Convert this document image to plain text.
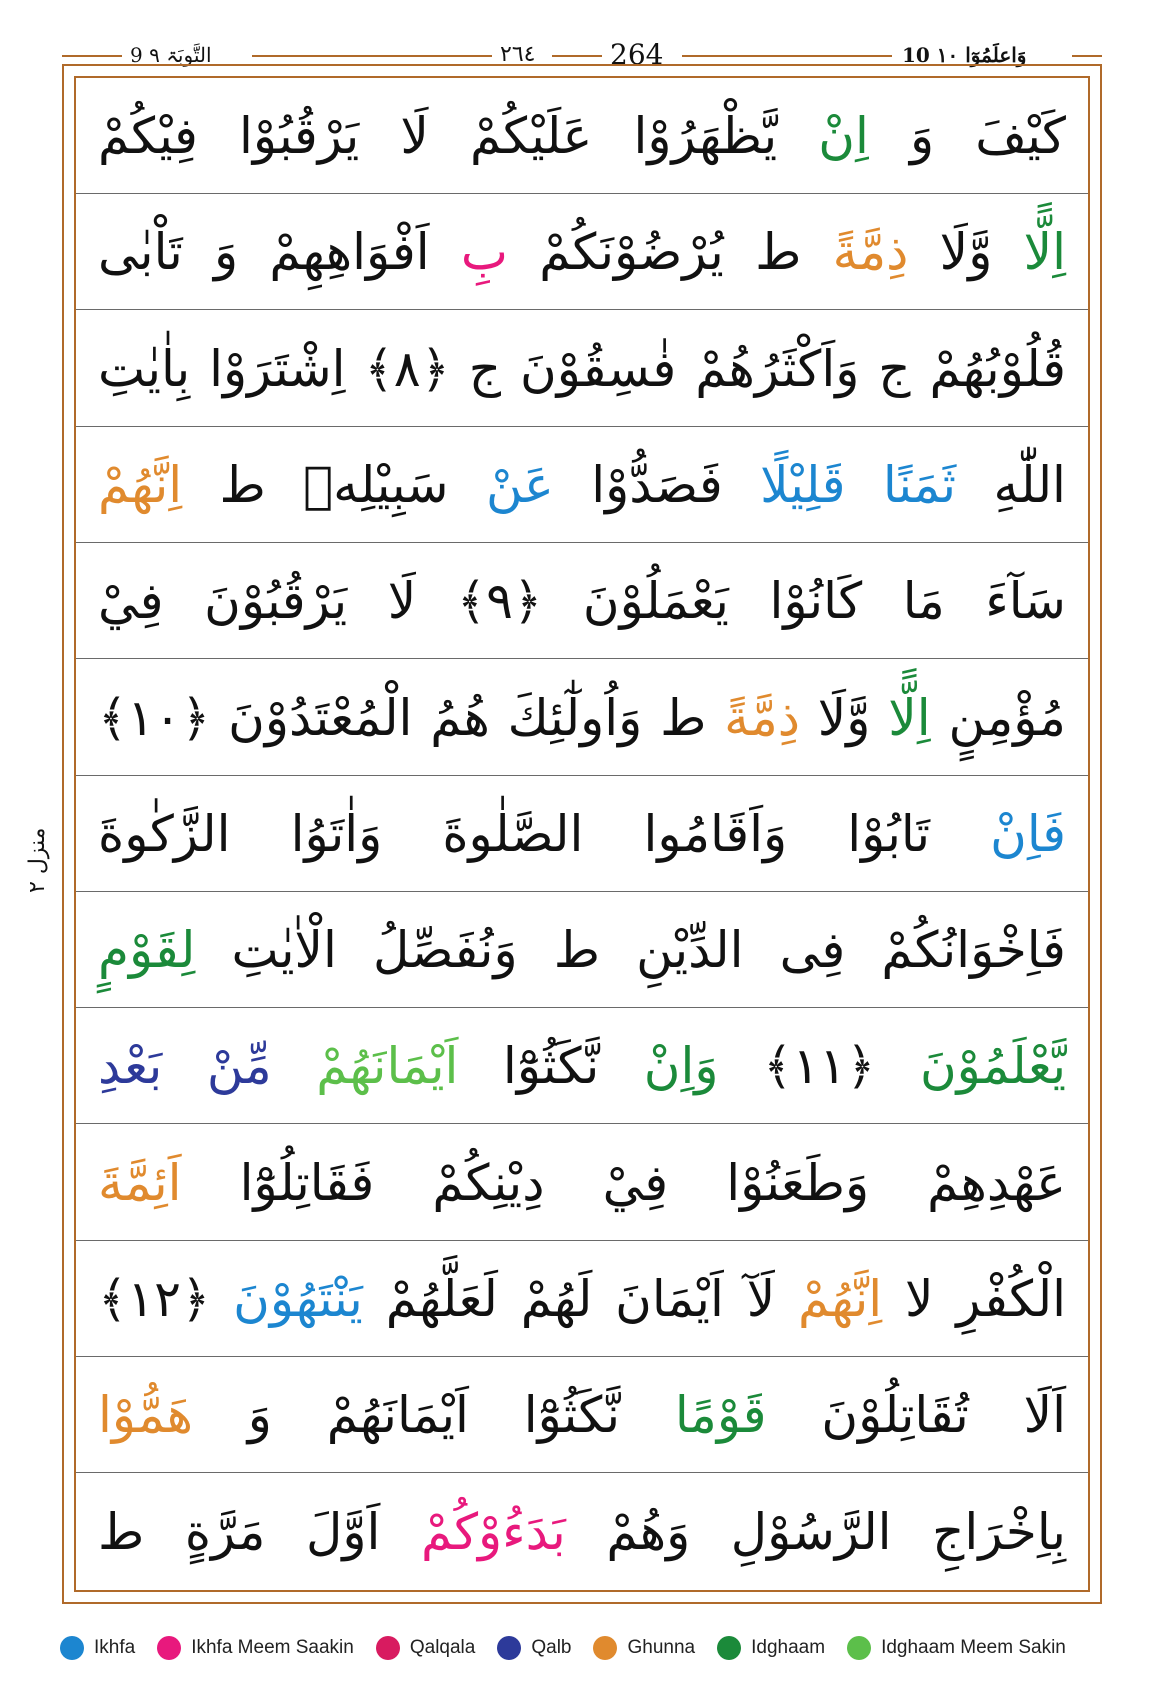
9 التَّوبَۃ ٩	٢٦٤	264	10 وَاعلَمُوٓا ١٠
منزل ٢
كَيْفَ وَ اِنْ يَّظْهَرُوْا عَلَيْكُمْ لَا يَرْقُبُوْا فِيْكُمْ
اِلًّا وَّلَا ذِمَّةً ط يُرْضُوْنَكُمْ بِ اَفْوَاهِهِمْ وَ تَاْبٰى
قُلُوْبُهُمْ ج وَاَكْثَرُهُمْ فٰسِقُوْنَ ج ﴿٨﴾ اِشْتَرَوْا بِاٰيٰتِ
اللّٰهِ ثَمَنًا قَلِيْلًا فَصَدُّوْا عَنْ سَبِيْلِهٖ ط اِنَّهُمْ
سَآءَ مَا كَانُوْا يَعْمَلُوْنَ ﴿٩﴾ لَا يَرْقُبُوْنَ فِيْ
مُؤْمِنٍ اِلًّا وَّلَا ذِمَّةً ط وَاُولٰٓئِكَ هُمُ الْمُعْتَدُوْنَ ﴿١٠﴾
فَاِنْ تَابُوْا وَاَقَامُوا الصَّلٰوةَ وَاٰتَوُا الزَّكٰوةَ
فَاِخْوَانُكُمْ فِى الدِّيْنِ ط وَنُفَصِّلُ الْاٰيٰتِ لِقَوْمٍ
يَّعْلَمُوْنَ ﴿١١﴾ وَاِنْ نَّكَثُوْٓا اَيْمَانَهُمْ مِّنْ بَعْدِ
عَهْدِهِمْ وَطَعَنُوْا فِيْ دِيْنِكُمْ فَقَاتِلُوْٓا اَئِمَّةَ
الْكُفْرِ لا اِنَّهُمْ لَآ اَيْمَانَ لَهُمْ لَعَلَّهُمْ يَنْتَهُوْنَ ﴿١٢﴾
اَلَا تُقَاتِلُوْنَ قَوْمًا نَّكَثُوْٓا اَيْمَانَهُمْ وَ هَمُّوْا
بِاِخْرَاجِ الرَّسُوْلِ وَهُمْ بَدَءُوْكُمْ اَوَّلَ مَرَّةٍ ط
Ikhfa	Ikhfa Meem Saakin	Qalqala	Qalb	Ghunna	Idghaam	Idghaam Meem Sakin
